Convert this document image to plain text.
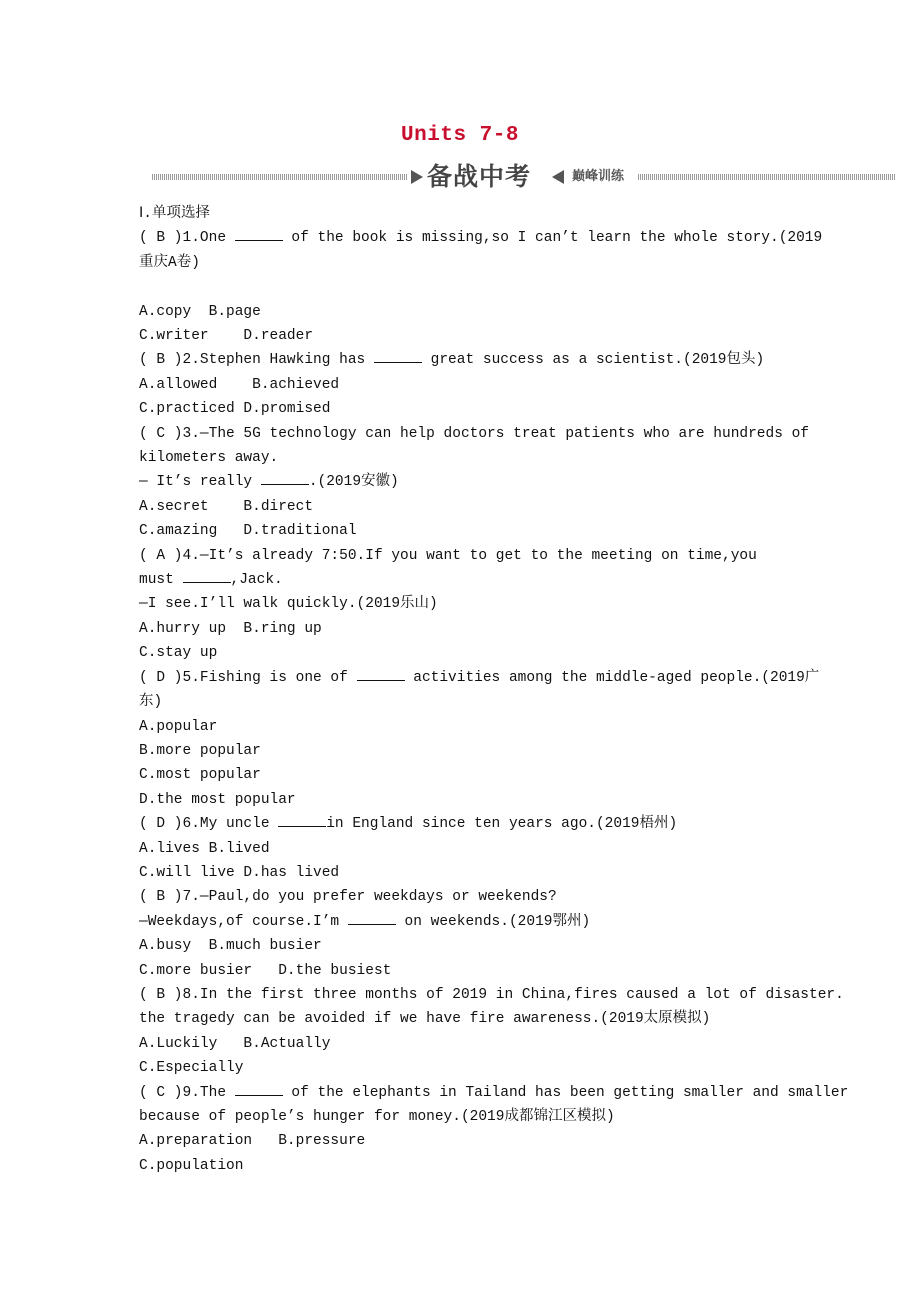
Units 7-8
备战中考	巅峰训练
Ⅰ.单项选择
( B )1.One	of the book is missing,so I can’t learn the whole story.(2019
重庆A卷)
A.copy  B.page
C.writer    D.reader
( B )2.Stephen Hawking has	great success as a scientist.(2019包头)
A.allowed    B.achieved
C.practiced D.promised
( C )3.—The 5G technology can help doctors treat patients who are hundreds of
kilometers away.
— It’s really	.(2019安徽)
A.secret    B.direct
C.amazing   D.traditional
( A )4.—It’s already 7:50.If you want to get to the meeting on time,you
must	,Jack.
—I see.I’ll walk quickly.(2019乐山)
A.hurry up  B.ring up
C.stay up
( D )5.Fishing is one of	activities among the middle-aged people.(2019广
东)
A.popular
B.more popular
C.most popular
D.the most popular
( D )6.My uncle	in England since ten years ago.(2019梧州)
A.lives B.lived
C.will live D.has lived
( B )7.—Paul,do you prefer weekdays or weekends?
—Weekdays,of course.I’m	on weekends.(2019鄂州)
A.busy  B.much busier
C.more busier   D.the busiest
( B )8.In the first three months of 2019 in China,fires caused a lot of disaster.
the tragedy can be avoided if we have fire awareness.(2019太原模拟)
A.Luckily   B.Actually
C.Especially
( C )9.The	of the elephants in Tailand has been getting smaller and smaller
because of people’s hunger for money.(2019成都锦江区模拟)
A.preparation   B.pressure
C.population
